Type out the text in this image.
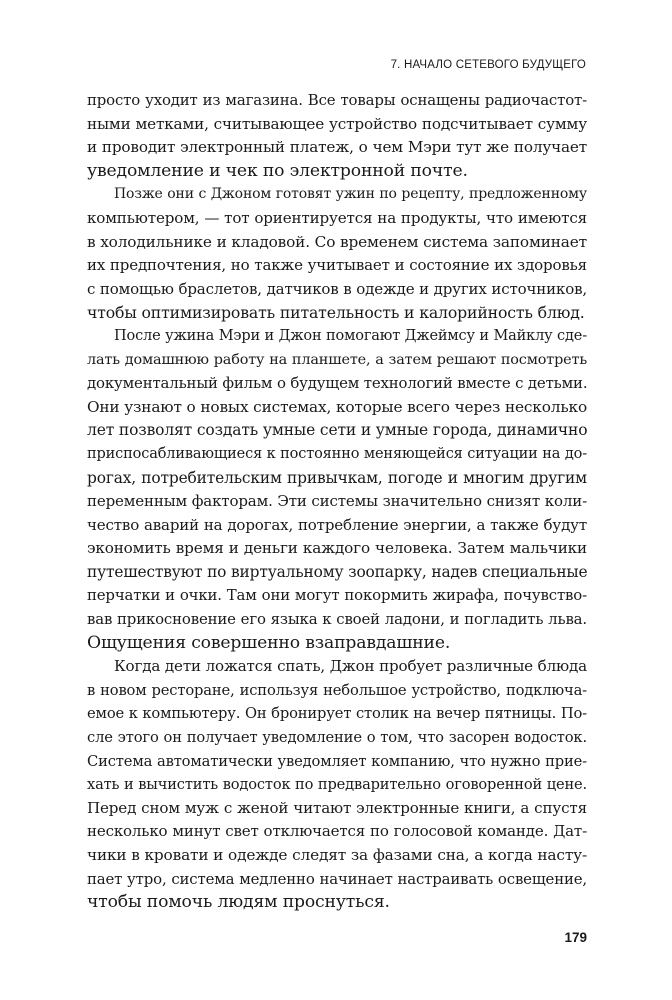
7. НАЧАЛО СЕТЕВОГО БУДУЩЕГО

просто уходит из магазина. Все товары оснащены радиочастот-
ными метками, считывающее устройство подсчитывает сумму
и проводит электронный платеж, о чем Мэри тут же получает
уведомление и чек по электронной почте.

Позже они с Джоном готовят ужин по рецепту, предложенному
компьютером, — тот ориентируется на продукты, что имеются
в холодильнике и кладовой. Со временем система запоминает
их предпочтения, но также учитывает и состояние их здоровья
с помощью браслетов, датчиков в одежде и других источников,
чтобы оптимизировать питательность и калорийность блюд.

После ужина Мэри и Джон помогают Джеймсу и Майклу сде-
лать домашнюю работу на планшете, а затем решают посмотреть
документальный фильм о будущем технологий вместе с детьми.
Они узнают о новых системах, которые всего через несколько
лет позволят создать умные сети и умные города, динамично
приспосабливающиеся к постоянно меняющейся ситуации на до-
рогах, потребительским привычкам, погоде и многим другим
переменным факторам. Эти системы значительно снизят коли-
чество аварий на дорогах, потребление энергии, а также будут
экономить время и деньги каждого человека. Затем мальчики
путешествуют по виртуальному зоопарку, надев специальные
перчатки и очки. Там они могут покормить жирафа, почувство-
вав прикосновение его языка к своей ладони, и погладить льва.
Ощущения совершенно взаправдашние.

Когда дети ложатся спать, Джон пробует различные блюда
в новом ресторане, используя небольшое устройство, подключа-
емое к компьютеру. Он бронирует столик на вечер пятницы. По-
сле этого он получает уведомление о том, что засорен водосток.
Система автоматически уведомляет компанию, что нужно прие-
хать и вычистить водосток по предварительно оговоренной цене.
Перед сном муж с женой читают электронные книги, а спустя
несколько минут свет отключается по голосовой команде. Дат-
чики в кровати и одежде следят за фазами сна, а когда насту-
пает утро, система медленно начинает настраивать освещение,
чтобы помочь людям проснуться.

179
